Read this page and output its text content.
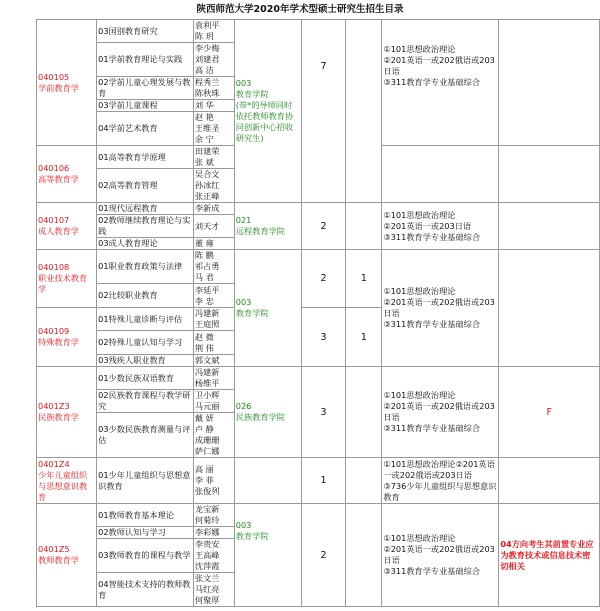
陕西师范大学2020年学术型硕士研究生招生目录
040105
学前教育学	03国别教育研究	袁利平
陈 玥	003
教育学院
(带*的导师同时依托教师教育协同创新中心招收研究生)	7		①101思想政治理论
②201英语一或202俄语或203日语
③311教育学专业基础综合	
	01学前教育理论与实践	李少梅
刘建君
高 洁					
	02学前儿童心理发展与教育	程秀兰
陈秋珠					
	03学前儿童课程	刘 华					
	04学前艺术教育	赵 艳
王维圣
余 宁					
040106
高等教育学	01高等教育学原理	田建荣
张 斌					
	02高等教育管理	吴合文
孙冰红
张正峰					
040107
成人教育学	01现代远程教育	李新成	021
远程教育学院	2		①101思想政治理论
②201英语一或203日语
③311教育学专业基础综合	
	02教师继续教育理论与实践	刘天才					
	03成人教育理论	董 雍					
040108
职业技术教育学	01职业教育政策与法律	陈 鹏
祁占勇
马 君	003
教育学院	2	1	①101思想政治理论
②201英语一或202俄语或203日语
③311教育学专业基础综合	
	02比较职业教育	李延平
李 忠					
040109
特殊教育学	01特殊儿童诊断与评估	冯建新
王庭照		3	1		
	02特殊儿童认知与学习	赵 微
荆 伟					
	03残疾人职业教育	郭文斌					
0401Z3
民族教育学	01少数民族双语教育	冯建新
杨维平	026
民族教育学院	3		①101思想政治理论
②201英语一或202俄语或203日语
③311教育学专业基础综合	F
	02民族教育课程与教学研究	卫小辉
马元丽					
	03少数民族教育测量与评估	戴 妍
卢 静
成珊珊
萨仁娜					
0401Z4
少年儿童组织与思想意识教育	01少年儿童组织与思想意识教育	高 丽
李 菲
张俊列		1		①101思想政治理论②201英语一或202俄语或203日语
③736少年儿童组织与思想意识教育	
0401Z5
教师教育学	01教师教育基本理论	龙宝新
何菊玲	003
教育学院	2		①101思想政治理论
②201英语一或202俄语或203日语
③311教育学专业基础综合	04方向考生其前置专业应为教育技术或信息技术密切相关
	02教师认知与学习	李彩娜					
	03教师教育的课程与教学	李贵安
王高峰
沈萍霞					
	04智能技术支持的教师教育	张文兰
马红亮
何聚厚					
